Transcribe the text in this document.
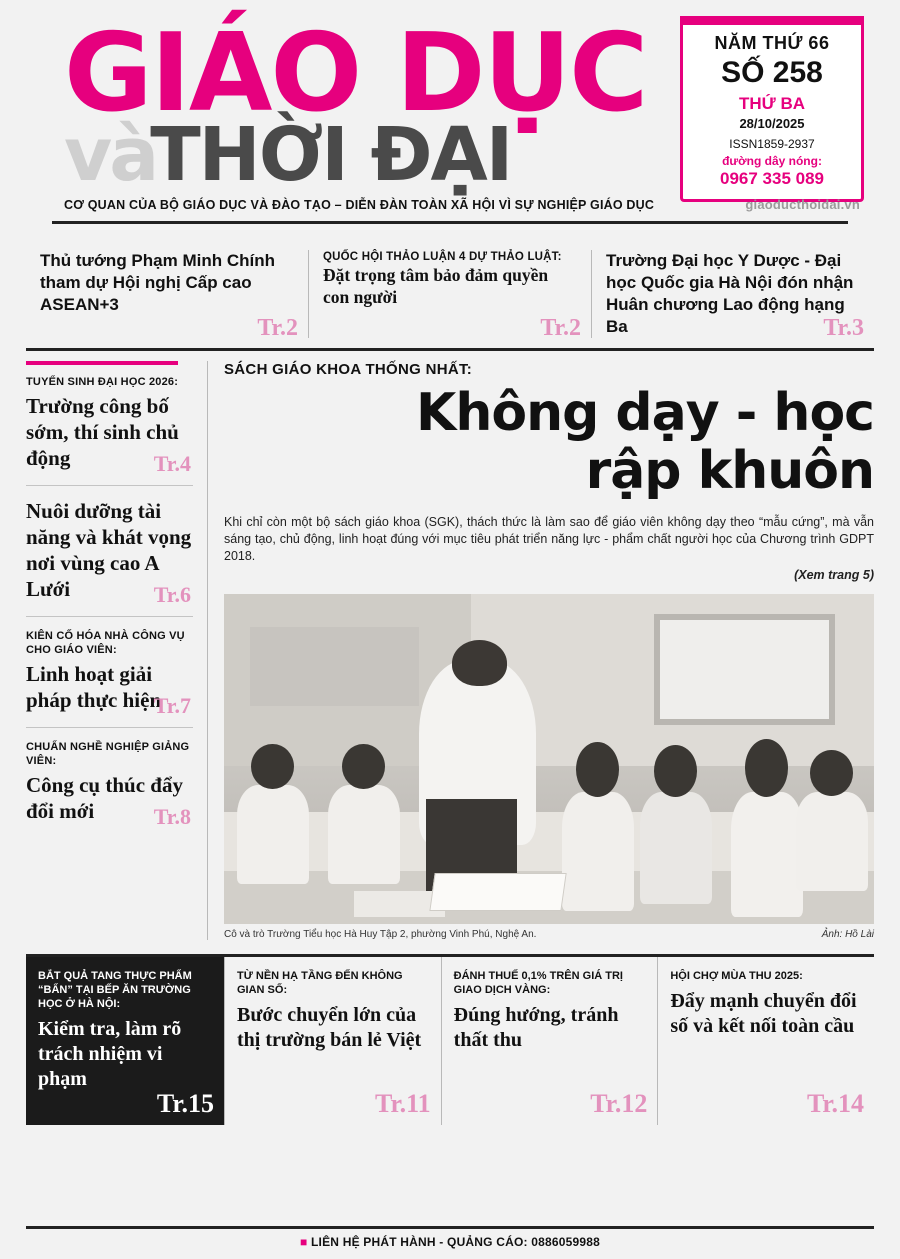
GIÁO DỤC
vàTHỜI ĐẠI
NĂM THỨ 66
SỐ 258
THỨ BA
28/10/2025
ISSN1859-2937
đường dây nóng:
0967 335 089
CƠ QUAN CỦA BỘ GIÁO DỤC VÀ ĐÀO TẠO – DIỄN ĐÀN TOÀN XÃ HỘI VÌ SỰ NGHIỆP GIÁO DỤC	giaoducthoidai.vn
Thủ tướng Phạm Minh Chính tham dự Hội nghị Cấp cao ASEAN+3
Tr.2
QUỐC HỘI THẢO LUẬN 4 DỰ THẢO LUẬT:
Đặt trọng tâm bảo đảm quyền con người
Tr.2
Trường Đại học Y Dược - Đại học Quốc gia Hà Nội đón nhận Huân chương Lao động hạng Ba	Tr.3
TUYỂN SINH ĐẠI HỌC 2026:
Trường công bố sớm, thí sinh chủ động	Tr.4
Nuôi dưỡng tài năng và khát vọng nơi vùng cao A Lưới	Tr.6
KIÊN CỐ HÓA NHÀ CÔNG VỤ CHO GIÁO VIÊN:
Linh hoạt giải pháp thực hiện
Tr.7
CHUẨN NGHỀ NGHIỆP GIẢNG VIÊN:
Công cụ thúc đẩy đổi mới	Tr.8
SÁCH GIÁO KHOA THỐNG NHẤT:
Không dạy - học
rập khuôn
Khi chỉ còn một bộ sách giáo khoa (SGK), thách thức là làm sao để giáo viên không dạy theo “mẫu cứng”, mà vẫn sáng tạo, chủ động, linh hoạt đúng với mục tiêu phát triển năng lực - phẩm chất người học của Chương trình GDPT 2018.
(Xem trang 5)
Cô và trò Trường Tiểu học Hà Huy Tập 2, phường Vinh Phú, Nghệ An.	Ảnh: Hồ Lài
BẮT QUẢ TANG THỰC PHẨM “BẨN” TẠI BẾP ĂN TRƯỜNG HỌC Ở HÀ NỘI:
Kiểm tra, làm rõ trách nhiệm vi phạm
Tr.15
TỪ NỀN HẠ TẦNG ĐẾN KHÔNG GIAN SỐ:
Bước chuyển lớn của thị trường bán lẻ Việt
Tr.11
ĐÁNH THUẾ 0,1% TRÊN GIÁ TRỊ GIAO DỊCH VÀNG:
Đúng hướng, tránh thất thu
Tr.12
HỘI CHỢ MÙA THU 2025:
Đẩy mạnh chuyển đổi số và kết nối toàn cầu
Tr.14
■ LIÊN HỆ PHÁT HÀNH - QUẢNG CÁO: 0886059988
